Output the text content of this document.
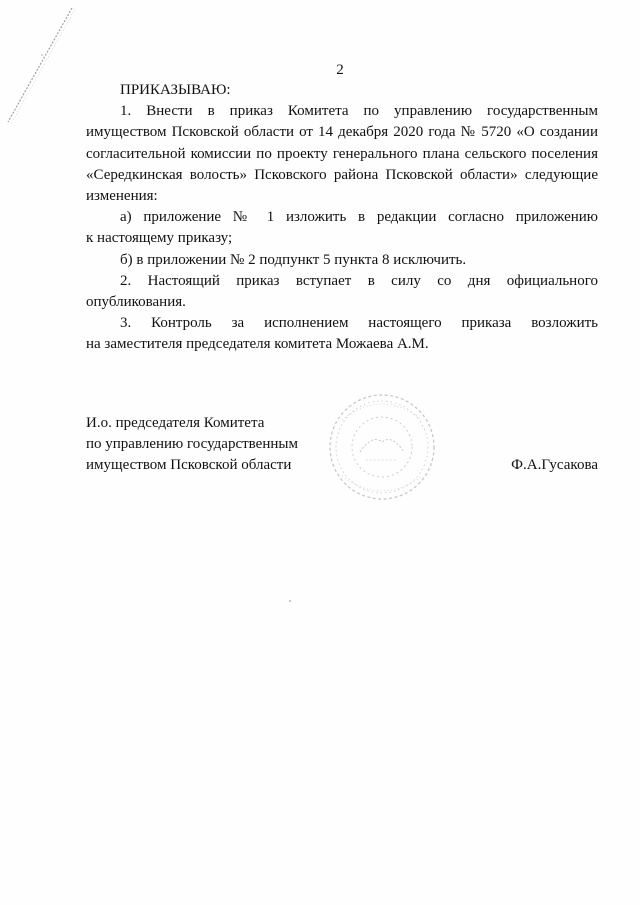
2
ПРИКАЗЫВАЮ:
1. Внести в приказ Комитета по управлению государственным
имуществом Псковской области от 14 декабря 2020 года № 5720 «О создании
согласительной комиссии по проекту генерального плана сельского поселения
«Середкинская волость» Псковского района Псковской области» следующие
изменения:
а) приложение № 1 изложить в редакции согласно приложению
к настоящему приказу;
б) в приложении № 2 подпункт 5 пункта 8 исключить.
2. Настоящий приказ вступает в силу со дня официального
опубликования.
3. Контроль за исполнением настоящего приказа возложить
на заместителя председателя комитета Можаева А.М.
И.о. председателя Комитета
по управлению государственным
имуществом Псковской области	Ф.А.Гусакова
